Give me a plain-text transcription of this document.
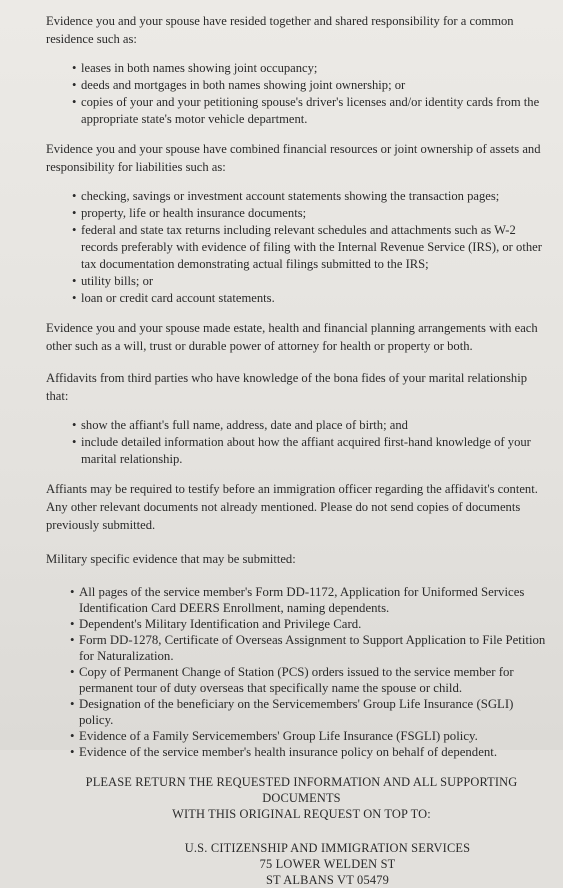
Evidence you and your spouse have resided together and shared responsibility for a common residence such as:

• leases in both names showing joint occupancy;
• deeds and mortgages in both names showing joint ownership; or
• copies of your and your petitioning spouse's driver's licenses and/or identity cards from the appropriate state's motor vehicle department.

Evidence you and your spouse have combined financial resources or joint ownership of assets and responsibility for liabilities such as:

• checking, savings or investment account statements showing the transaction pages;
• property, life or health insurance documents;
• federal and state tax returns including relevant schedules and attachments such as W-2 records preferably with evidence of filing with the Internal Revenue Service (IRS), or other tax documentation demonstrating actual filings submitted to the IRS;
• utility bills; or
• loan or credit card account statements.

Evidence you and your spouse made estate, health and financial planning arrangements with each other such as a will, trust or durable power of attorney for health or property or both.

Affidavits from third parties who have knowledge of the bona fides of your marital relationship that:

• show the affiant's full name, address, date and place of birth; and
• include detailed information about how the affiant acquired first-hand knowledge of your marital relationship.

Affiants may be required to testify before an immigration officer regarding the affidavit's content. Any other relevant documents not already mentioned. Please do not send copies of documents previously submitted.

Military specific evidence that may be submitted:

• All pages of the service member's Form DD-1172, Application for Uniformed Services Identification Card DEERS Enrollment, naming dependents.
• Dependent's Military Identification and Privilege Card.
• Form DD-1278, Certificate of Overseas Assignment to Support Application to File Petition for Naturalization.
• Copy of Permanent Change of Station (PCS) orders issued to the service member for permanent tour of duty overseas that specifically name the spouse or child.
• Designation of the beneficiary on the Servicemembers' Group Life Insurance (SGLI) policy.
• Evidence of a Family Servicemembers' Group Life Insurance (FSGLI) policy.
• Evidence of the service member's health insurance policy on behalf of dependent.
PLEASE RETURN THE REQUESTED INFORMATION AND ALL SUPPORTING DOCUMENTS
WITH THIS ORIGINAL REQUEST ON TOP TO:
U.S. CITIZENSHIP AND IMMIGRATION SERVICES
75 LOWER WELDEN ST
ST ALBANS VT 05479
